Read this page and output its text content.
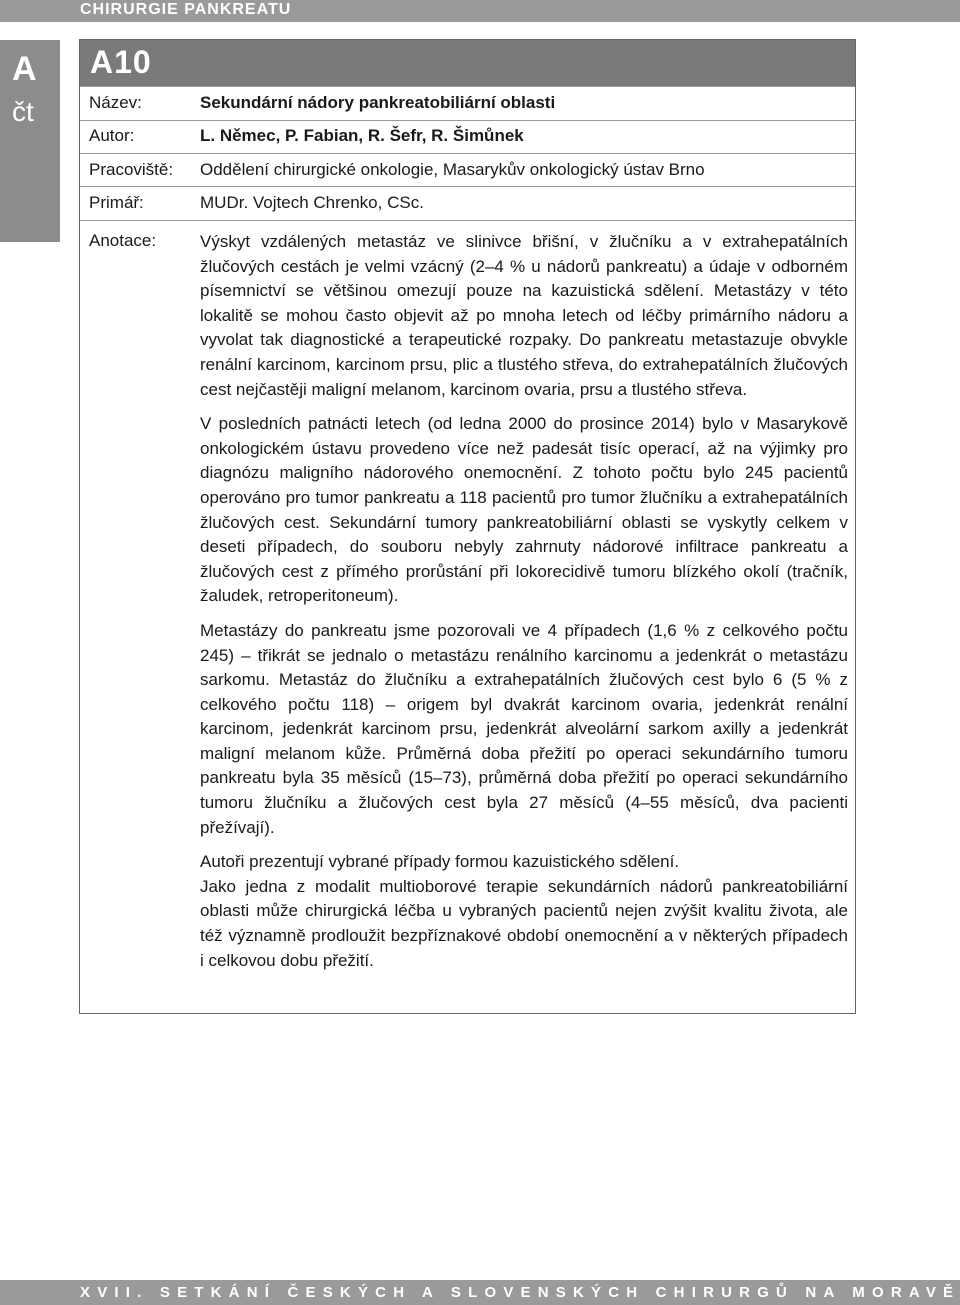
CHIRURGIE PANKREATU
A
čt
A10
Název:	Sekundární nádory pankreatobiliární oblasti
Autor:	L. Němec, P. Fabian, R. Šefr, R. Šimůnek
Pracoviště: Oddělení chirurgické onkologie, Masarykův onkologický ústav Brno
Primář:	MUDr. Vojtech Chrenko, CSc.
Anotace:	Výskyt vzdálených metastáz ve slinivce břišní, v žlučníku a v extrahepatálních žlučových cestách je velmi vzácný (2–4 % u nádorů pankreatu) a údaje v odborném písemnictví se většinou omezují pouze na kazuistická sdělení. Metastázy v této lokalitě se mohou často objevit až po mnoha letech od léčby primárního nádoru a vyvolat tak diagnostické a terapeutické rozpaky. Do pankreatu metastazuje obvykle renální karcinom, karcinom prsu, plic a tlustého střeva, do extrahepatálních žlučových cest nejčastěji maligní melanom, karcinom ovaria, prsu a tlustého střeva.

V posledních patnácti letech (od ledna 2000 do prosince 2014) bylo v Masarykově onkologickém ústavu provedeno více než padesát tisíc operací, až na výjimky pro diagnózu maligního nádorového onemocnění. Z tohoto počtu bylo 245 pacientů operováno pro tumor pankreatu a 118 pacientů pro tumor žlučníku a extrahepatálních žlučových cest. Sekundární tumory pankreatobiliární oblasti se vyskytly celkem v deseti případech, do souboru nebyly zahrnuty nádorové infiltrace pankreatu a žlučových cest z přímého prorůstání při lokorecidivě tumoru blízkého okolí (tračník, žaludek, retroperitoneum).

Metastázy do pankreatu jsme pozorovali ve 4 případech (1,6 % z celkového počtu 245) – třikrát se jednalo o metastázu renálního karcinomu a jedenkrát o metastázu sarkomu. Metastáz do žlučníku a extrahepatálních žlučových cest bylo 6 (5 % z celkového počtu 118) – origem byl dvakrát karcinom ovaria, jedenkrát renální karcinom, jedenkrát karcinom prsu, jedenkrát alveolární sarkom axilly a jedenkrát maligní melanom kůže. Průměrná doba přežití po operaci sekundárního tumoru pankreatu byla 35 měsíců (15–73), průměrná doba přežití po operaci sekundárního tumoru žlučníku a žlučových cest byla 27 měsíců (4–55 měsíců, dva pacienti přežívají).

Autoři prezentují vybrané případy formou kazuistického sdělení.

Jako jedna z modalit multioborové terapie sekundárních nádorů pankreatobiliární oblasti může chirurgická léčba u vybraných pacientů nejen zvýšit kvalitu života, ale též významně prodloužit bezpříznakové období onemocnění a v některých případech i celkovou dobu přežití.

XVII. SETKÁNÍ ČESKÝCH A SLOVENSKÝCH CHIRURGŮ NA MORAVĚ
